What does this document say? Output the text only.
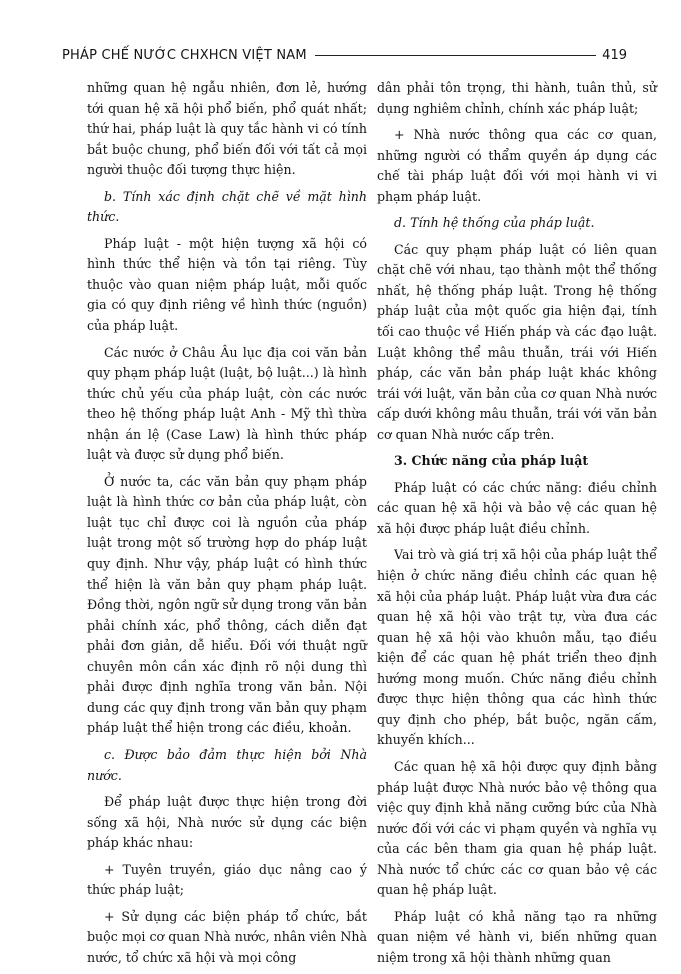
PHÁP CHẾ NƯỚC CHXHCN VIỆT NAM	419

những quan hệ ngẫu nhiên, đơn lẻ, hướng tới quan hệ xã hội phổ biến, phổ quát nhất; thứ hai, pháp luật là quy tắc hành vi có tính bắt buộc chung, phổ biến đối với tất cả mọi người thuộc đối tượng thực hiện.

b. Tính xác định chặt chẽ về mặt hình thức.

Pháp luật - một hiện tượng xã hội có hình thức thể hiện và tồn tại riêng. Tùy thuộc vào quan niệm pháp luật, mỗi quốc gia có quy định riêng về hình thức (nguồn) của pháp luật.

Các nước ở Châu Âu lục địa coi văn bản quy phạm pháp luật (luật, bộ luật...) là hình thức chủ yếu của pháp luật, còn các nước theo hệ thống pháp luật Anh - Mỹ thì thừa nhận án lệ (Case Law) là hình thức pháp luật và được sử dụng phổ biến.

Ở nước ta, các văn bản quy phạm pháp luật là hình thức cơ bản của pháp luật, còn luật tục chỉ được coi là nguồn của pháp luật trong một số trường hợp do pháp luật quy định. Như vậy, pháp luật có hình thức thể hiện là văn bản quy phạm pháp luật. Đồng thời, ngôn ngữ sử dụng trong văn bản phải chính xác, phổ thông, cách diễn đạt phải đơn giản, dễ hiểu. Đối với thuật ngữ chuyên môn cần xác định rõ nội dung thì phải được định nghĩa trong văn bản. Nội dung các quy định trong văn bản quy phạm pháp luật thể hiện trong các điều, khoản.

c. Được bảo đảm thực hiện bởi Nhà nước.

Để pháp luật được thực hiện trong đời sống xã hội, Nhà nước sử dụng các biện pháp khác nhau:

+ Tuyên truyền, giáo dục nâng cao ý thức pháp luật;

+ Sử dụng các biện pháp tổ chức, bắt buộc mọi cơ quan Nhà nước, nhân viên Nhà nước, tổ chức xã hội và mọi công

dân phải tôn trọng, thi hành, tuân thủ, sử dụng nghiêm chỉnh, chính xác pháp luật;

+ Nhà nước thông qua các cơ quan, những người có thẩm quyền áp dụng các chế tài pháp luật đối với mọi hành vi vi phạm pháp luật.

d. Tính hệ thống của pháp luật.

Các quy phạm pháp luật có liên quan chặt chẽ với nhau, tạo thành một thể thống nhất, hệ thống pháp luật. Trong hệ thống pháp luật của một quốc gia hiện đại, tính tối cao thuộc về Hiến pháp và các đạo luật. Luật không thể mâu thuẫn, trái với Hiến pháp, các văn bản pháp luật khác không trái với luật, văn bản của cơ quan Nhà nước cấp dưới không mâu thuẫn, trái với văn bản cơ quan Nhà nước cấp trên.

3. Chức năng của pháp luật

Pháp luật có các chức năng: điều chỉnh các quan hệ xã hội và bảo vệ các quan hệ xã hội được pháp luật điều chỉnh.

Vai trò và giá trị xã hội của pháp luật thể hiện ở chức năng điều chỉnh các quan hệ xã hội của pháp luật. Pháp luật vừa đưa các quan hệ xã hội vào trật tự, vừa đưa các quan hệ xã hội vào khuôn mẫu, tạo điều kiện để các quan hệ phát triển theo định hướng mong muốn. Chức năng điều chỉnh được thực hiện thông qua các hình thức quy định cho phép, bắt buộc, ngăn cấm, khuyến khích...

Các quan hệ xã hội được quy định bằng pháp luật được Nhà nước bảo vệ thông qua việc quy định khả năng cưỡng bức của Nhà nước đối với các vi phạm quyền và nghĩa vụ của các bên tham gia quan hệ pháp luật. Nhà nước tổ chức các cơ quan bảo vệ các quan hệ pháp luật.

Pháp luật có khả năng tạo ra những quan niệm về hành vi, biến những quan niệm trong xã hội thành những quan
